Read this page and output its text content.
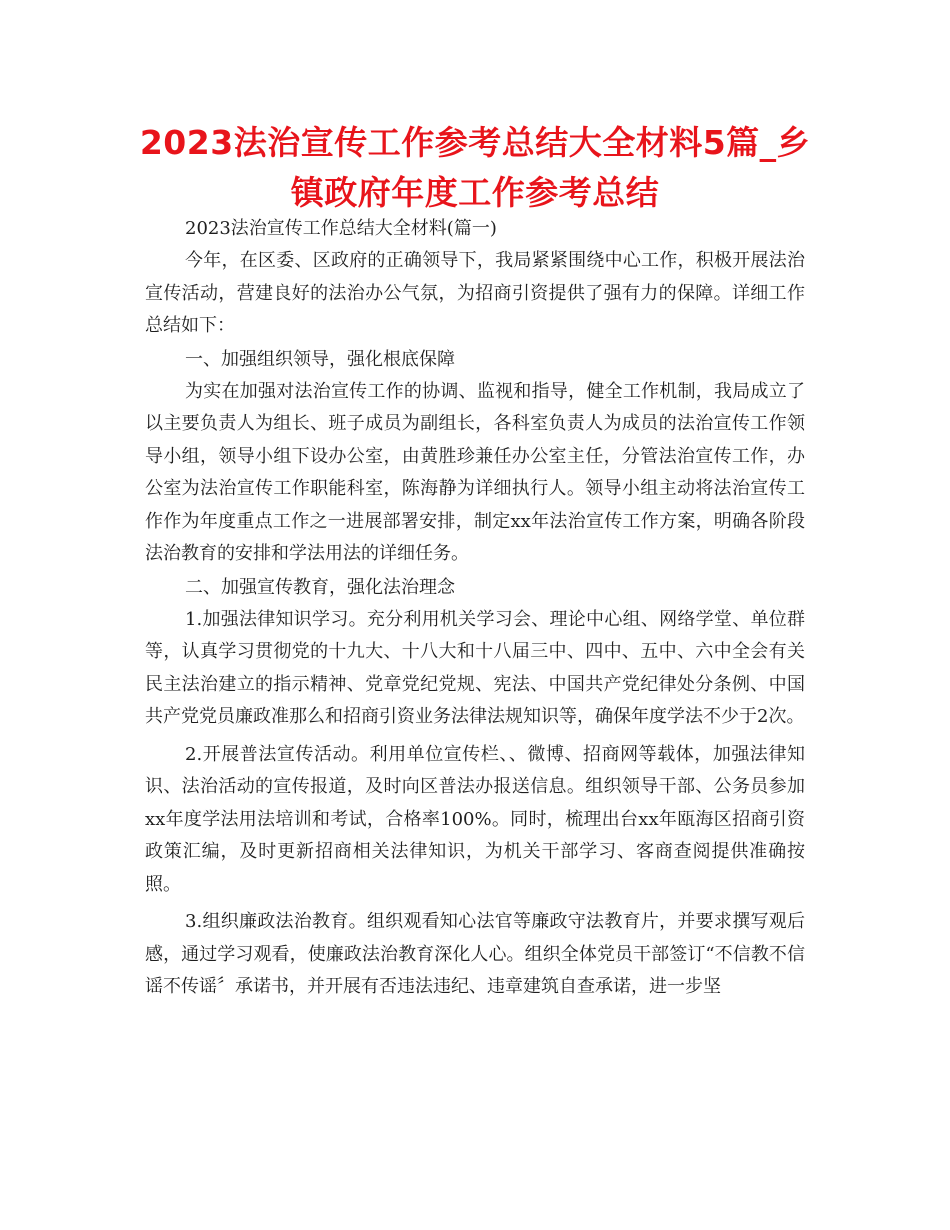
2023法治宣传工作参考总结大全材料5篇_乡镇政府年度工作参考总结

2023法治宣传工作总结大全材料(篇一)

今年，在区委、区政府的正确领导下，我局紧紧围绕中心工作，积极开展法治宣传活动，营建良好的法治办公气氛，为招商引资提供了强有力的保障。详细工作总结如下：

一、加强组织领导，强化根底保障

为实在加强对法治宣传工作的协调、监视和指导，健全工作机制，我局成立了以主要负责人为组长、班子成员为副组长，各科室负责人为成员的法治宣传工作领导小组，领导小组下设办公室，由黄胜珍兼任办公室主任，分管法治宣传工作，办公室为法治宣传工作职能科室，陈海静为详细执行人。领导小组主动将法治宣传工作作为年度重点工作之一进展部署安排，制定xx年法治宣传工作方案，明确各阶段法治教育的安排和学法用法的详细任务。

二、加强宣传教育，强化法治理念

1.加强法律知识学习。充分利用机关学习会、理论中心组、网络学堂、单位群等，认真学习贯彻党的十九大、十八大和十八届三中、四中、五中、六中全会有关民主法治建立的指示精神、党章党纪党规、宪法、中国共产党纪律处分条例、中国共产党党员廉政准那么和招商引资业务法律法规知识等，确保年度学法不少于2次。

2.开展普法宣传活动。利用单位宣传栏、、微博、招商网等载体，加强法律知识、法治活动的宣传报道，及时向区普法办报送信息。组织领导干部、公务员参加xx年度学法用法培训和考试，合格率100%。同时，梳理出台xx年瓯海区招商引资政策汇编，及时更新招商相关法律知识，为机关干部学习、客商查阅提供准确按照。

3.组织廉政法治教育。组织观看知心法官等廉政守法教育片，并要求撰写观后感，通过学习观看，使廉政法治教育深化人心。组织全体党员干部签订“不信教不信谣不传谣〞承诺书，并开展有否违法违纪、违章建筑自查承诺，进一步坚
